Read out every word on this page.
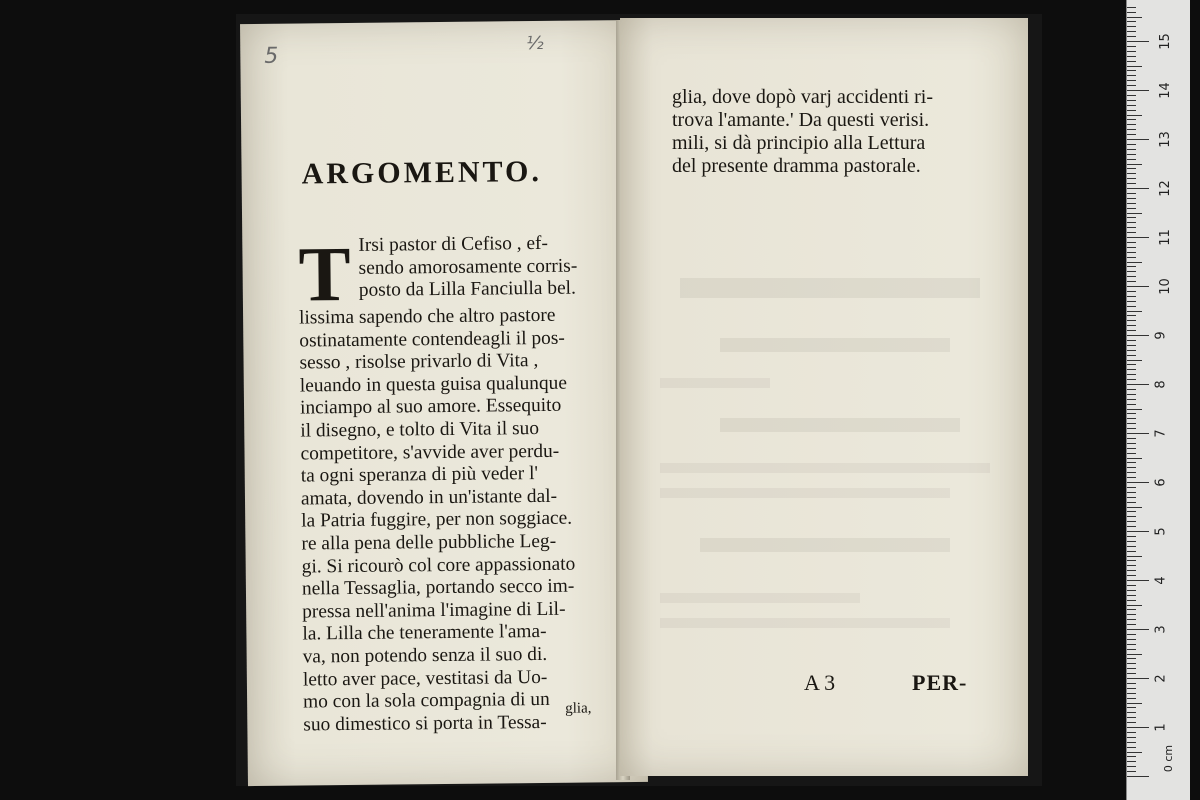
5
½
ARGOMENTO.
T Irsi pastor di Cefiso , ef-
sendo amorosamente corris-
posto da Lilla Fanciulla bel.
lissima sapendo che altro pastore
ostinatamente contendeagli il pos-
sesso , risolse privarlo di Vita ,
leuando in questa guisa qualunque
inciampo al suo amore. Essequito
il disegno, e tolto di Vita il suo
competitore, s'avvide aver perdu-
ta ogni speranza di più veder l'
amata, dovendo in un'istante dal-
la Patria fuggire, per non soggiace.
re alla pena delle pubbliche Leg-
gi. Si ricourò col core appassionato
nella Tessaglia, portando secco im-
pressa nell'anima l'imagine di Lil-
la. Lilla che teneramente l'ama-
va, non potendo senza il suo di.
letto aver pace, vestitasi da Uo-
mo con la sola compagnia di un
suo dimestico si porta in Tessa-
glia,
glia, dove dopò varj accidenti ri-
trova l'amante.' Da questi verisi.
mili, si dà principio alla Lettura
del presente dramma pastorale.
A 3	PER-
1
2
3
4
5
6
7
8
9
10
11
12
13
14
15
0 cm
